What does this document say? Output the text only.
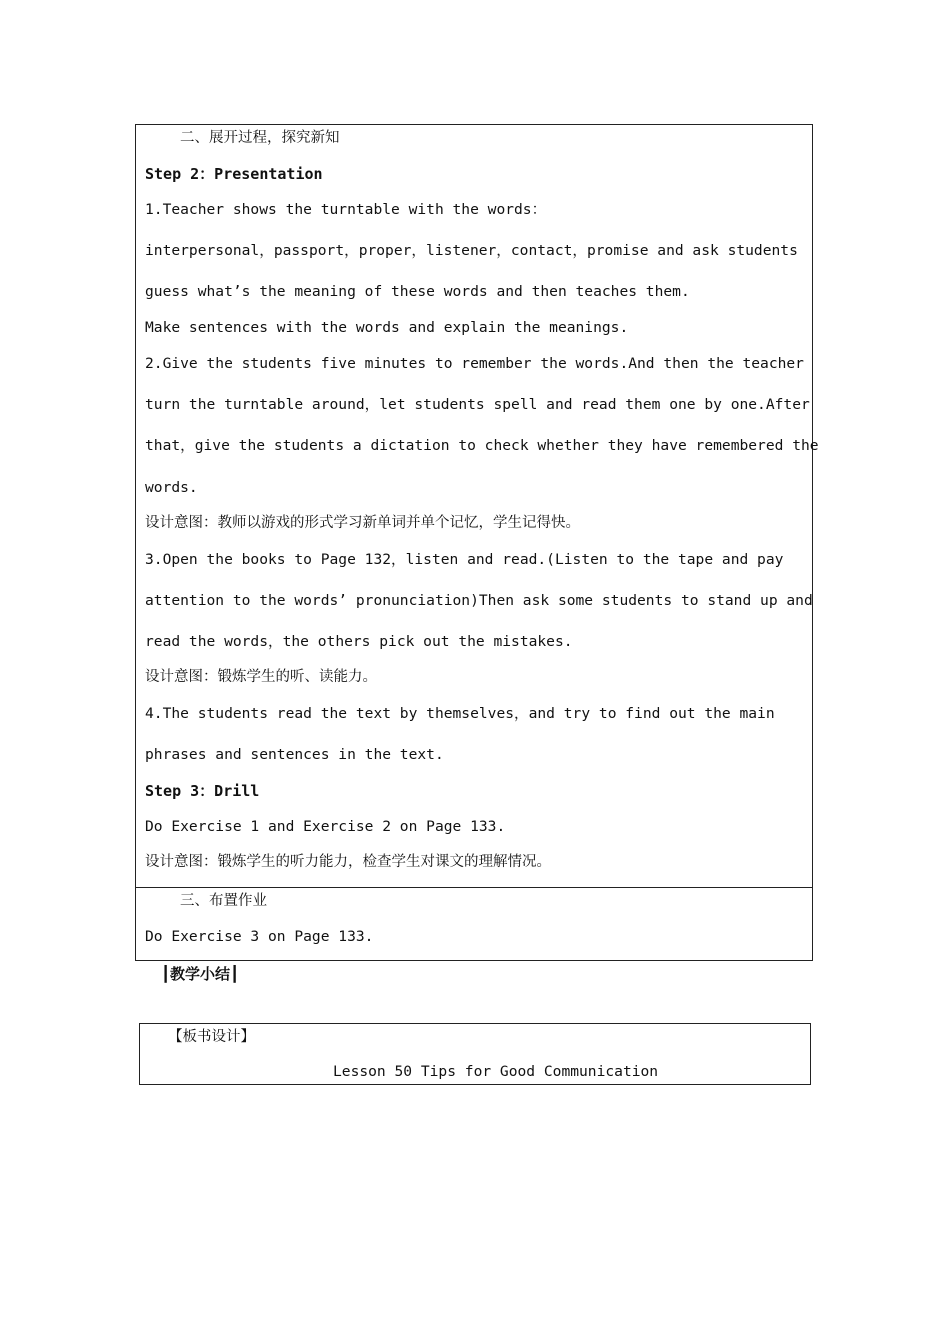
二、展开过程，探究新知
Step 2：Presentation
1.Teacher shows the turntable with the words：
interpersonal，passport，proper，listener，contact，promise and ask students
guess what’s the meaning of these words and then teaches them.
Make sentences with the words and explain the meanings.
2.Give the students five minutes to remember the words.And then the teacher
turn the turntable around，let students spell and read them one by one.After
that，give the students a dictation to check whether they have remembered the
words.
设计意图：教师以游戏的形式学习新单词并单个记忆，学生记得快。
3.Open the books to Page 132，listen and read.(Listen to the tape and pay
attention to the words’ pronunciation)Then ask some students to stand up and
read the words，the others pick out the mistakes.
设计意图：锻炼学生的听、读能力。
4.The students read the text by themselves，and try to find out the main
phrases and sentences in the text.
Step 3：Drill
Do Exercise 1 and Exercise 2 on Page 133.
设计意图：锻炼学生的听力能力，检查学生对课文的理解情况。
三、布置作业
Do Exercise 3 on Page 133.
┃教学小结┃
【板书设计】
Lesson 50 Tips for Good Communication
